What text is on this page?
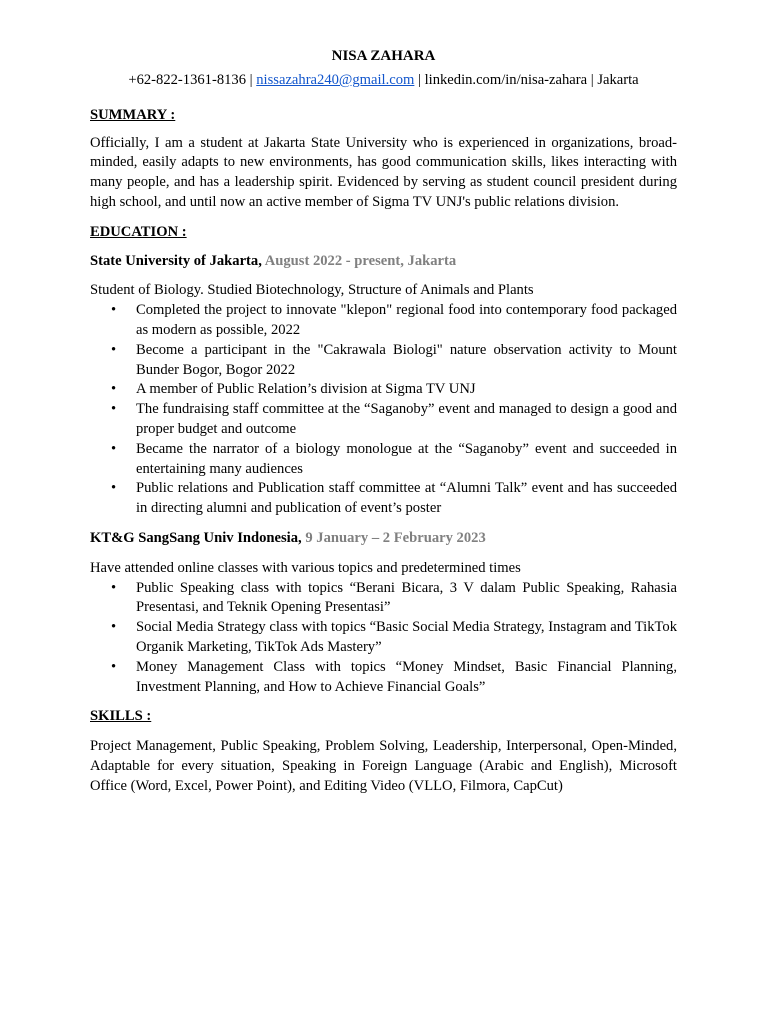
NISA ZAHARA

+62-822-1361-8136 | nissazahra240@gmail.com | linkedin.com/in/nisa-zahara | Jakarta

SUMMARY :

Officially, I am a student at Jakarta State University who is experienced in organizations, broad-minded, easily adapts to new environments, has good communication skills, likes interacting with many people, and has a leadership spirit. Evidenced by serving as student council president during high school, and until now an active member of Sigma TV UNJ's public relations division.

EDUCATION :

State University of Jakarta, August 2022 - present, Jakarta

Student of Biology. Studied Biotechnology, Structure of Animals and Plants

• Completed the project to innovate "klepon" regional food into contemporary food packaged as modern as possible, 2022
• Become a participant in the "Cakrawala Biologi" nature observation activity to Mount Bunder Bogor, Bogor 2022
• A member of Public Relation’s division at Sigma TV UNJ
• The fundraising staff committee at the “Saganoby” event and managed to design a good and proper budget and outcome
• Became the narrator of a biology monologue at the “Saganoby” event and succeeded in entertaining many audiences
• Public relations and Publication staff committee at “Alumni Talk” event and has succeeded in directing alumni and publication of event’s poster

KT&G SangSang Univ Indonesia, 9 January – 2 February 2023

Have attended online classes with various topics and predetermined times

• Public Speaking class with topics “Berani Bicara, 3 V dalam Public Speaking, Rahasia Presentasi, and Teknik Opening Presentasi”
• Social Media Strategy class with topics “Basic Social Media Strategy, Instagram and TikTok Organik Marketing, TikTok Ads Mastery”
• Money Management Class with topics “Money Mindset, Basic Financial Planning, Investment Planning, and How to Achieve Financial Goals”

SKILLS :

Project Management, Public Speaking, Problem Solving, Leadership, Interpersonal, Open-Minded, Adaptable for every situation, Speaking in Foreign Language (Arabic and English), Microsoft Office (Word, Excel, Power Point), and Editing Video (VLLO, Filmora, CapCut)
